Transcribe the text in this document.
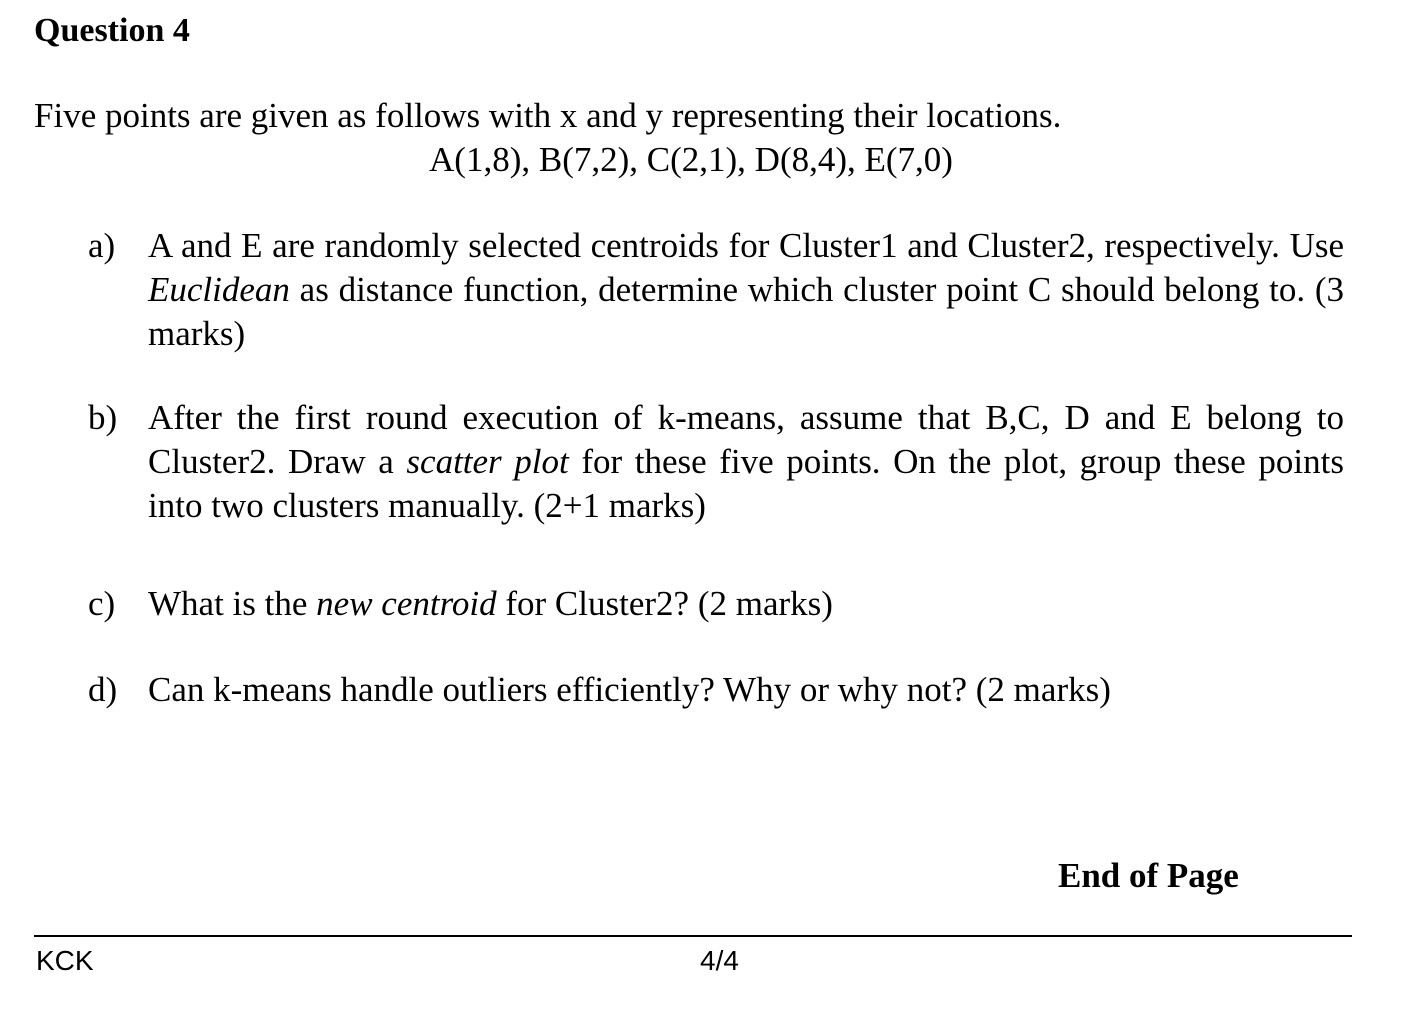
Question 4
Five points are given as follows with x and y representing their locations.
A(1,8), B(7,2), C(2,1), D(8,4), E(7,0)
a) A and E are randomly selected centroids for Cluster1 and Cluster2, respectively. Use Euclidean as distance function, determine which cluster point C should belong to. (3 marks)
b) After the first round execution of k-means, assume that B,C, D and E belong to Cluster2. Draw a scatter plot for these five points. On the plot, group these points into two clusters manually. (2+1 marks)
c) What is the new centroid for Cluster2? (2 marks)
d) Can k-means handle outliers efficiently? Why or why not? (2 marks)
End of Page
KCK	4/4
